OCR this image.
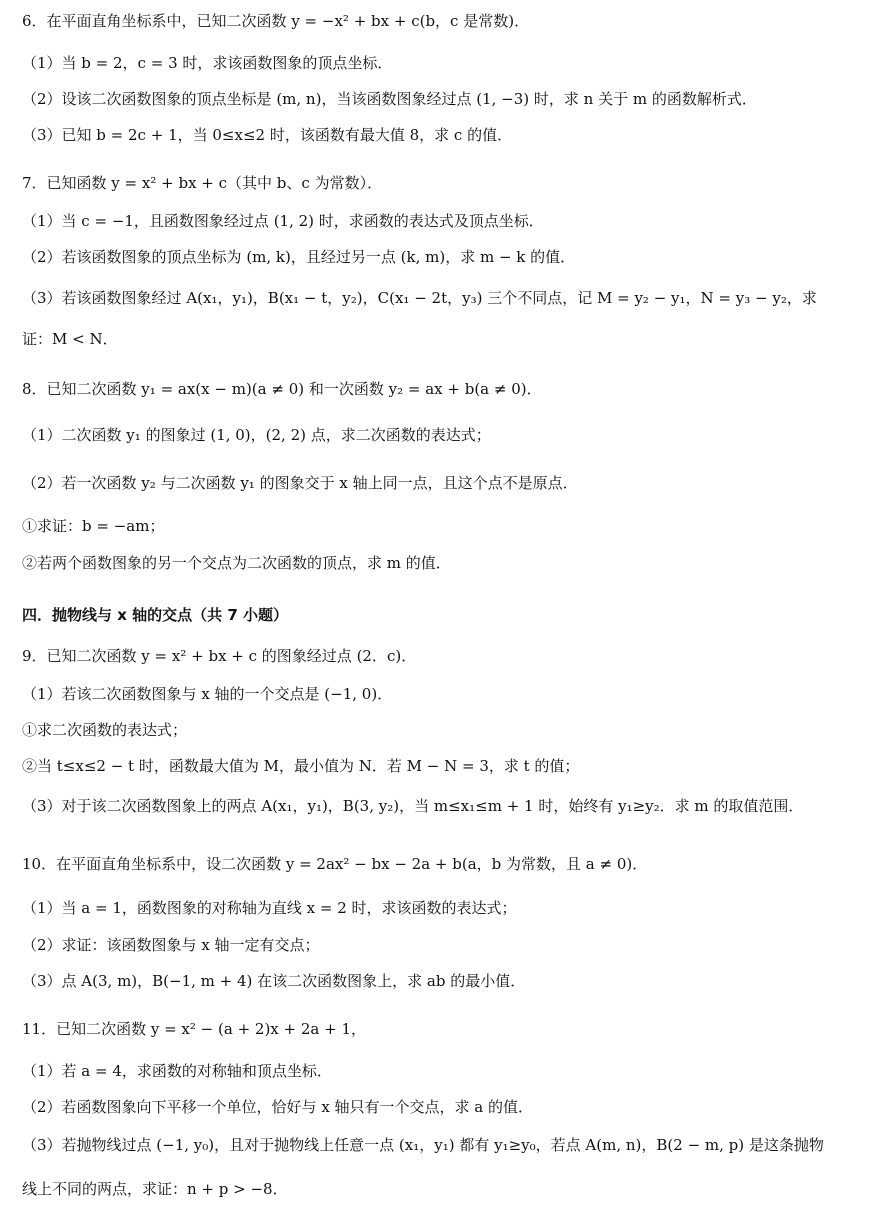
6．在平面直角坐标系中，已知二次函数 y = −x² + bx + c(b，c 是常数)．
（1）当 b = 2，c = 3 时，求该函数图象的顶点坐标．
（2）设该二次函数图象的顶点坐标是 (m, n)，当该函数图象经过点 (1, −3) 时，求 n 关于 m 的函数解析式．
（3）已知 b = 2c + 1，当 0≤x≤2 时，该函数有最大值 8，求 c 的值．
7．已知函数 y = x² + bx + c（其中 b、c 为常数）．
（1）当 c = −1，且函数图象经过点 (1, 2) 时，求函数的表达式及顶点坐标．
（2）若该函数图象的顶点坐标为 (m, k)，且经过另一点 (k, m)，求 m − k 的值．
（3）若该函数图象经过 A(x₁，y₁)，B(x₁ − t，y₂)，C(x₁ − 2t，y₃) 三个不同点，记 M = y₂ − y₁，N = y₃ − y₂，求
证：M < N．
8．已知二次函数 y₁ = ax(x − m)(a ≠ 0) 和一次函数 y₂ = ax + b(a ≠ 0)．
（1）二次函数 y₁ 的图象过 (1, 0)，(2, 2) 点，求二次函数的表达式；
（2）若一次函数 y₂ 与二次函数 y₁ 的图象交于 x 轴上同一点，且这个点不是原点．
①求证：b = −am；
②若两个函数图象的另一个交点为二次函数的顶点，求 m 的值．
四．抛物线与 x 轴的交点（共 7 小题）
9．已知二次函数 y = x² + bx + c 的图象经过点 (2．c)．
（1）若该二次函数图象与 x 轴的一个交点是 (−1, 0)．
①求二次函数的表达式；
②当 t≤x≤2 − t 时，函数最大值为 M，最小值为 N．若 M − N = 3，求 t 的值；
（3）对于该二次函数图象上的两点 A(x₁，y₁)，B(3, y₂)，当 m≤x₁≤m + 1 时，始终有 y₁≥y₂．求 m 的取值范围．
10．在平面直角坐标系中，设二次函数 y = 2ax² − bx − 2a + b(a，b 为常数，且 a ≠ 0)．
（1）当 a = 1，函数图象的对称轴为直线 x = 2 时，求该函数的表达式；
（2）求证：该函数图象与 x 轴一定有交点；
（3）点 A(3, m)，B(−1, m + 4) 在该二次函数图象上，求 ab 的最小值．
11．已知二次函数 y = x² − (a + 2)x + 2a + 1，
（1）若 a = 4，求函数的对称轴和顶点坐标．
（2）若函数图象向下平移一个单位，恰好与 x 轴只有一个交点，求 a 的值．
（3）若抛物线过点 (−1, y₀)，且对于抛物线上任意一点 (x₁，y₁) 都有 y₁≥y₀，若点 A(m, n)，B(2 − m, p) 是这条抛物
线上不同的两点，求证：n + p > −8．
